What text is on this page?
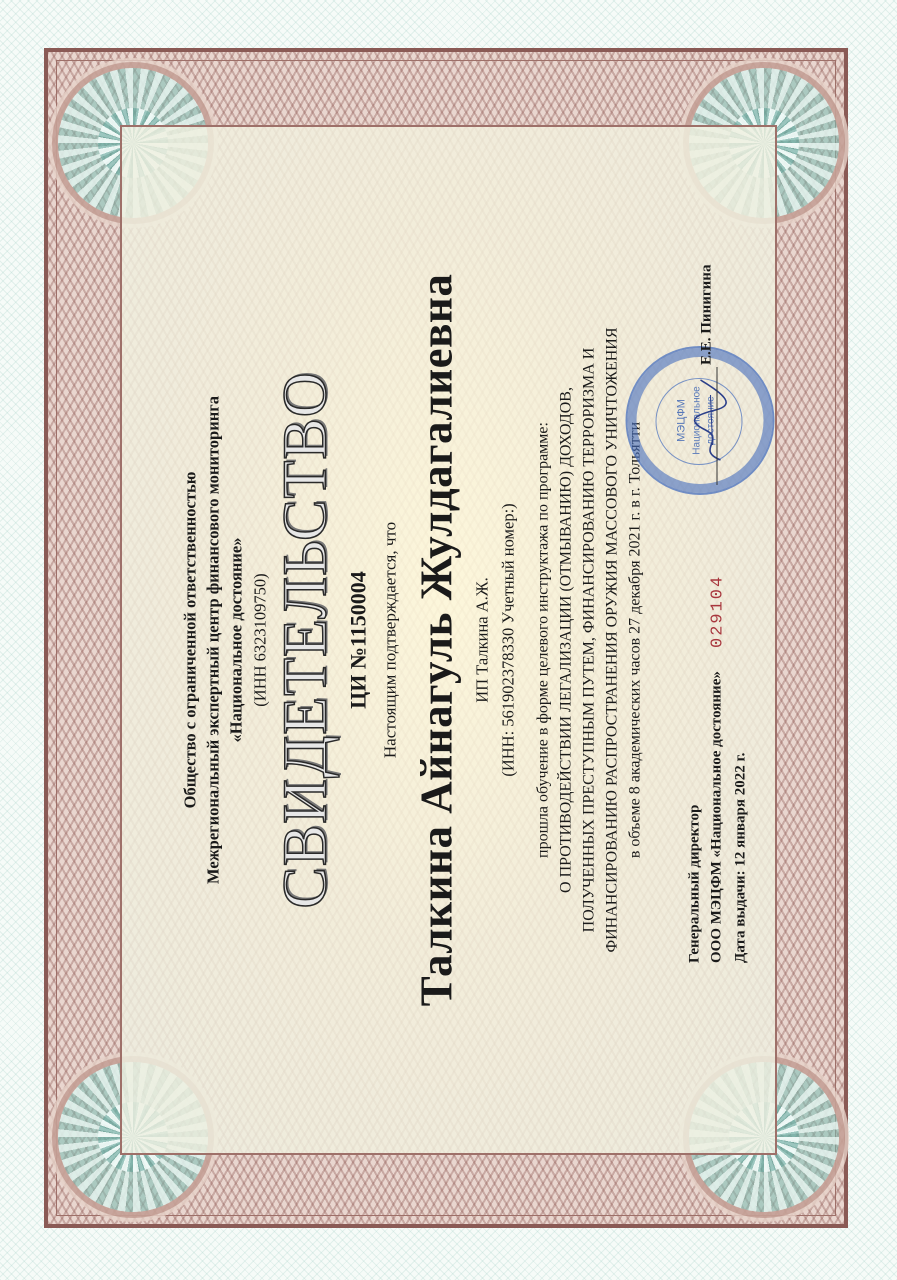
Общество с ограниченной ответственностью Межрегиональный экспертный центр финансового мониторинга «Национальное достояние» (ИНН 6323109750) СВИДЕТЕЛЬСТВО ЦИ №1150004 Настоящим подтверждается, что Талкина Айнагуль Жулдагалиевна ИП Талкина А.Ж. (ИНН: 561902378330 Учетный номер:) прошла обучение в форме целевого инструктажа по программе: О ПРОТИВОДЕЙСТВИИ ЛЕГАЛИЗАЦИИ (ОТМЫВАНИЮ) ДОХОДОВ, ПОЛУЧЕННЫХ ПРЕСТУПНЫМ ПУТЕМ, ФИНАНСИРОВАНИЮ ТЕРРОРИЗМА И ФИНАНСИРОВАНИЮ РАСПРОСТРАНЕНИЯ ОРУЖИЯ МАССОВОГО УНИЧТОЖЕНИЯ в объеме 8 академических часов 27 декабря 2021 г. в г. Тольятти
Генеральный директор ООО МЭЦФМ «Национальное достояние» Дата выдачи: 12 января 2022 г.
029104
МЭЦФМ Национальное достояние
Е.Е. Пинигина
